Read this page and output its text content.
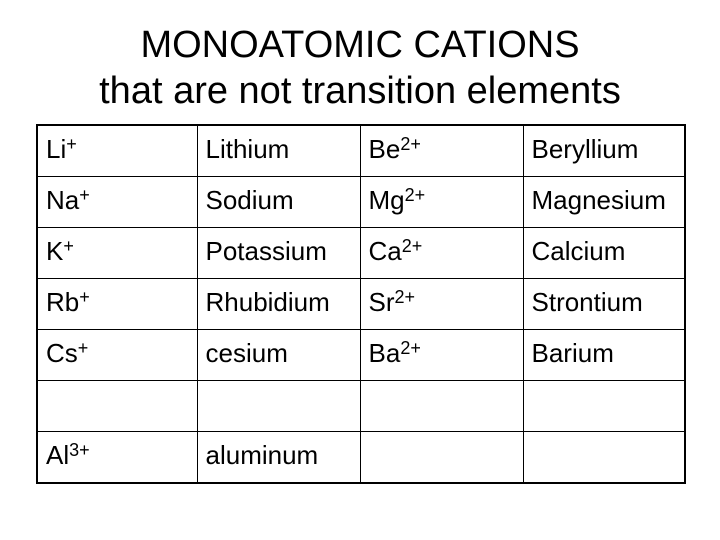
MONOATOMIC CATIONS
that are not transition elements
Li+	Lithium	$Be^{2+}$	Beryllium
Na+	Sodium	$Mg^{2+}$	Magnesium
K+	Potassium	$Ca^{2+}$	Calcium
Rb+	Rhubidium	$Sr^{2+}$	Strontium
Cs+	cesium	$Ba^{2+}$	Barium

$Al^{3+}$	aluminum		
